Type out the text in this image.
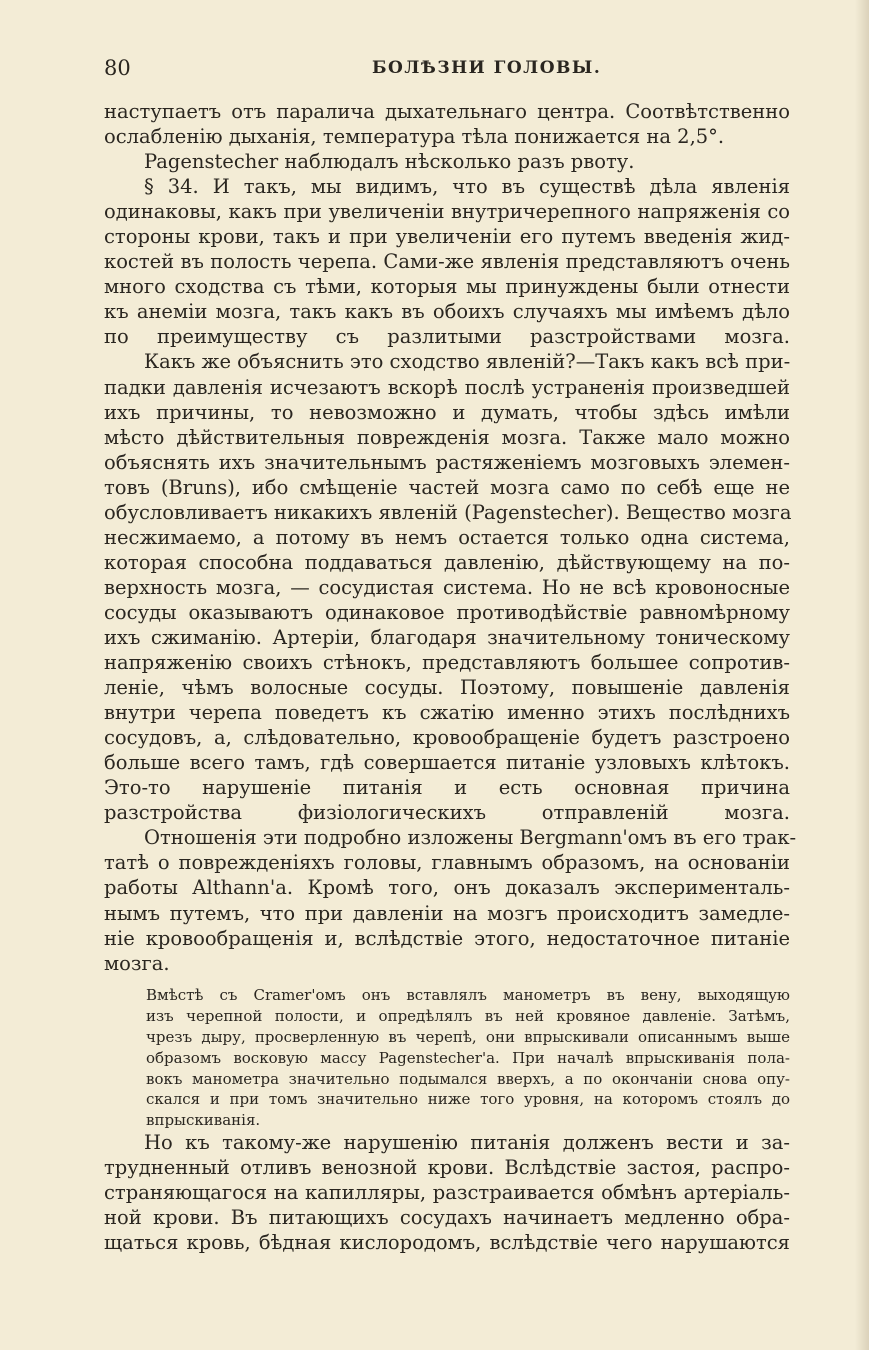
80	БОЛѢЗНИ ГОЛОВЫ.
наступаетъ отъ паралича дыхательнаго центра. Соотвѣтственно
ослабленію дыханія, температура тѣла понижается на 2,5°.
Pagenstecher наблюдалъ нѣсколько разъ рвоту.
§ 34. И такъ, мы видимъ, что въ существѣ дѣла явленія
одинаковы, какъ при увеличеніи внутричерепного напряженія со
стороны крови, такъ и при увеличеніи его путемъ введенія жид-
костей въ полость черепа. Сами-же явленія представляютъ очень
много сходства съ тѣми, которыя мы принуждены были отнести
къ анеміи мозга, такъ какъ въ обоихъ случаяхъ мы имѣемъ дѣло
по преимуществу съ разлитыми разстройствами мозга.
Какъ же объяснить это сходство явленій?—Такъ какъ всѣ при-
падки давленія исчезаютъ вскорѣ послѣ устраненія произведшей
ихъ причины, то невозможно и думать, чтобы здѣсь имѣли
мѣсто дѣйствительныя поврежденія мозга. Также мало можно
объяснять ихъ значительнымъ растяженіемъ мозговыхъ элемен-
товъ (Bruns), ибо смѣщеніе частей мозга само по себѣ еще не
обусловливаетъ никакихъ явленій (Pagenstecher). Вещество мозга
несжимаемо, а потому въ немъ остается только одна система,
которая способна поддаваться давленію, дѣйствующему на по-
верхность мозга, — сосудистая система. Но не всѣ кровоносные
сосуды оказываютъ одинаковое противодѣйствіе равномѣрному
ихъ сжиманію. Артеріи, благодаря значительному тоническому
напряженію своихъ стѣнокъ, представляютъ большее сопротив-
леніе, чѣмъ волосные сосуды. Поэтому, повышеніе давленія
внутри черепа поведетъ къ сжатію именно этихъ послѣднихъ
сосудовъ, а, слѣдовательно, кровообращеніе будетъ разстроено
больше всего тамъ, гдѣ совершается питаніе узловыхъ клѣтокъ.
Это-то нарушеніе питанія и есть основная причина
разстройства физіологическихъ отправленій мозга.
Отношенія эти подробно изложены Bergmann'омъ въ его трак-
татѣ о поврежденіяхъ головы, главнымъ образомъ, на основаніи
работы Althann'а. Кромѣ того, онъ доказалъ эксперименталь-
нымъ путемъ, что при давленіи на мозгъ происходитъ замедле-
ніе кровообращенія и, вслѣдствіе этого, недостаточное питаніе
мозга.
Вмѣстѣ съ Cramer'омъ онъ вставлялъ манометръ въ вену, выходящую
изъ черепной полости, и опредѣлялъ въ ней кровяное давленіе. Затѣмъ,
чрезъ дыру, просверленную въ черепѣ, они впрыскивали описаннымъ выше
образомъ восковую массу Pagenstecher'а. При началѣ впрыскиванія пoлa-
вокъ манометра значительно подымался вверхъ, а по окончаніи снова опу-
скался и при томъ значительно ниже того уровня, на которомъ стоялъ до
впрыскиванія.
Но къ такому-же нарушенію питанія долженъ вести и за-
трудненный отливъ венозной крови. Вслѣдствіе застоя, распро-
страняющагося на капилляры, разстраивается обмѣнъ артеріаль-
ной крови. Въ питающихъ сосудахъ начинаетъ медленно обра-
щаться кровь, бѣдная кислородомъ, вслѣдствіе чего нарушаются
